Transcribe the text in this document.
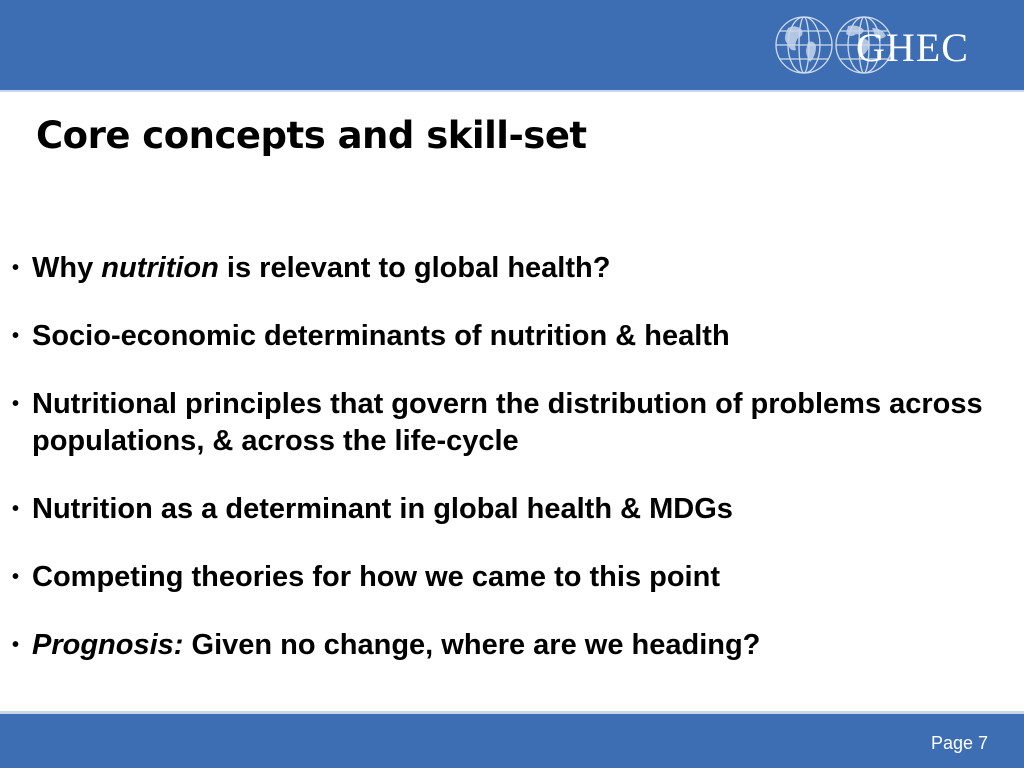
GHEC
Core concepts and skill-set
• Why nutrition is relevant to global health?
• Socio-economic determinants of nutrition & health
• Nutritional principles that govern the distribution of problems across populations, & across the life-cycle
• Nutrition as a determinant in global health & MDGs
• Competing theories for how we came to this point
• Prognosis: Given no change, where are we heading?
Page 7
